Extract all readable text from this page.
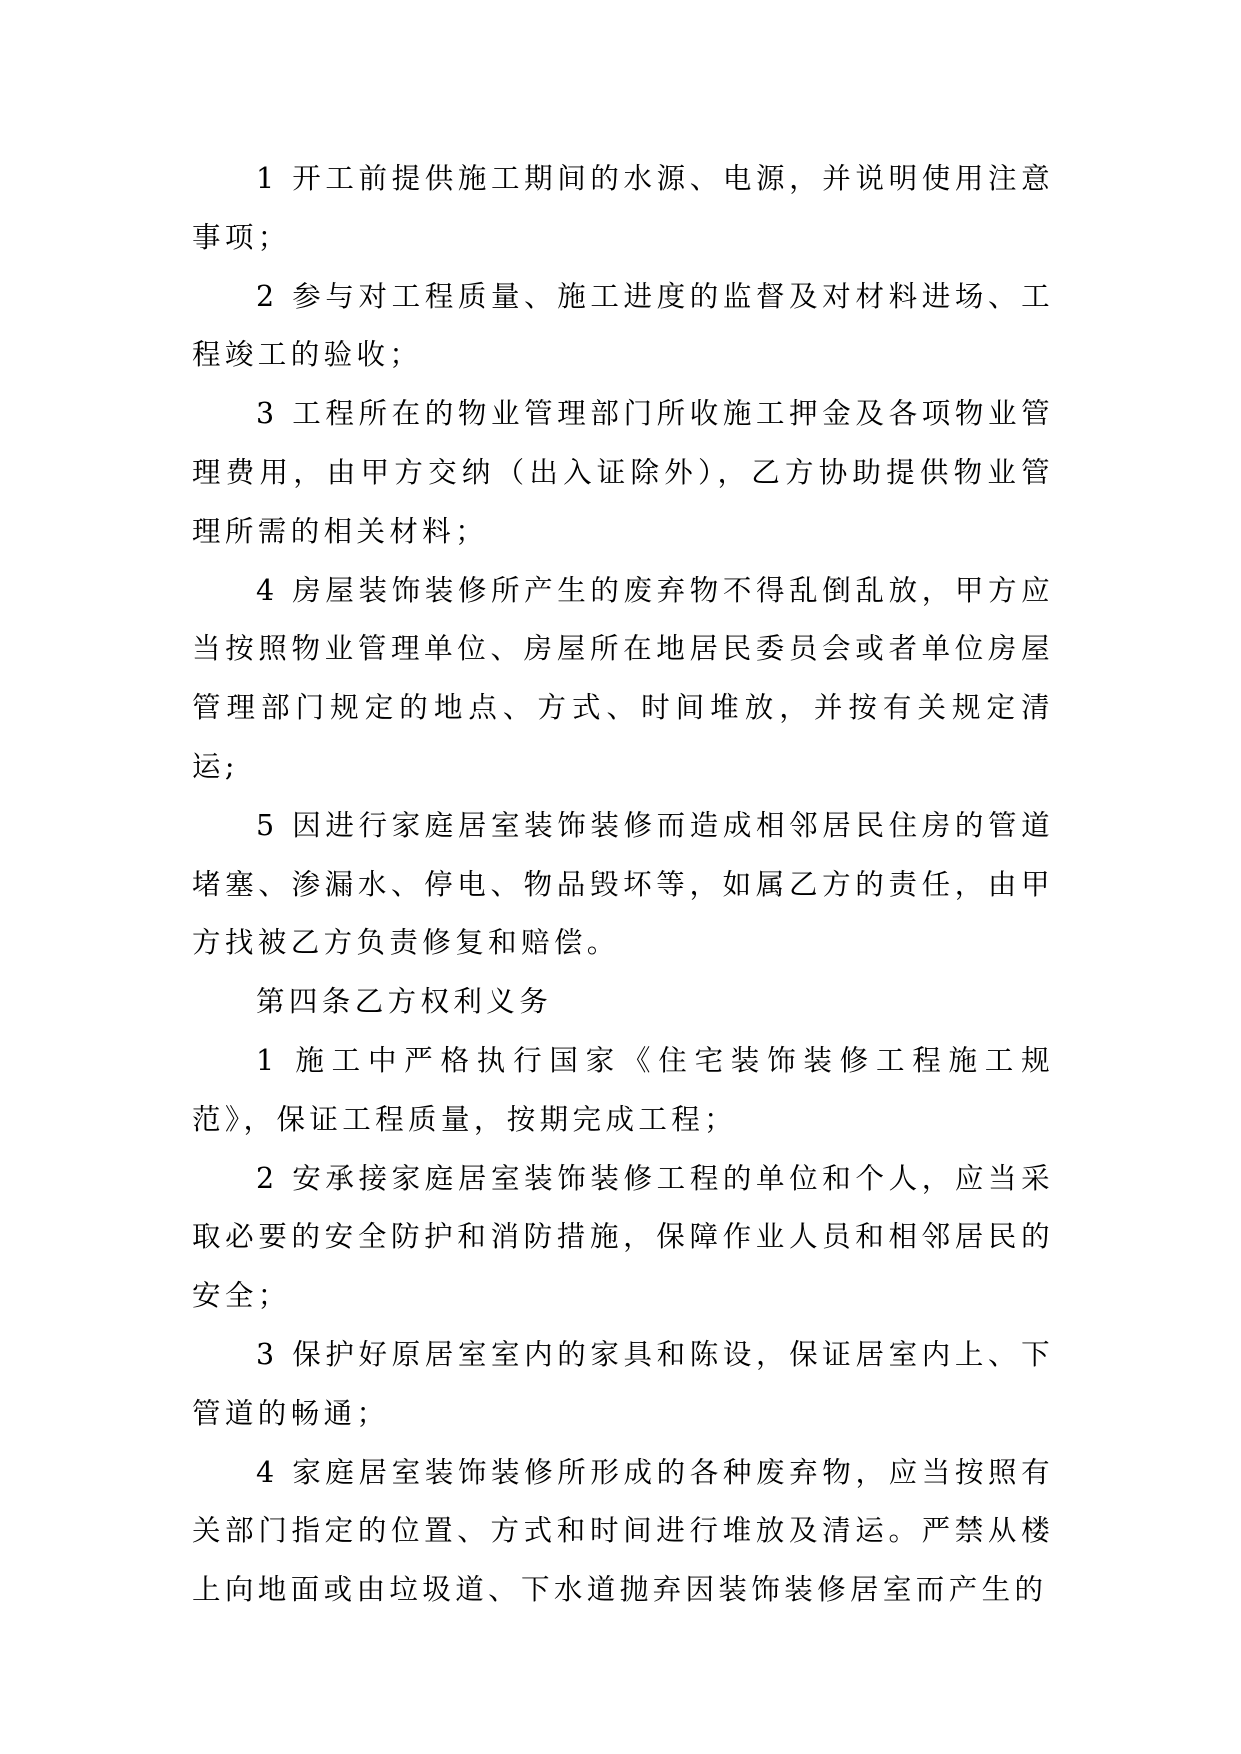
1 开工前提供施工期间的水源、电源，并说明使用注意事项；

2 参与对工程质量、施工进度的监督及对材料进场、工程竣工的验收；

3 工程所在的物业管理部门所收施工押金及各项物业管理费用，由甲方交纳（出入证除外），乙方协助提供物业管理所需的相关材料；

4 房屋装饰装修所产生的废弃物不得乱倒乱放，甲方应当按照物业管理单位、房屋所在地居民委员会或者单位房屋管理部门规定的地点、方式、时间堆放，并按有关规定清运;

5 因进行家庭居室装饰装修而造成相邻居民住房的管道堵塞、渗漏水、停电、物品毁坏等，如属乙方的责任，由甲方找被乙方负责修复和赔偿。

第四条乙方权利义务

1 施工中严格执行国家《住宅装饰装修工程施工规范》，保证工程质量，按期完成工程；

2 安承接家庭居室装饰装修工程的单位和个人，应当采取必要的安全防护和消防措施，保障作业人员和相邻居民的安全；

3 保护好原居室室内的家具和陈设，保证居室内上、下管道的畅通；

4 家庭居室装饰装修所形成的各种废弃物，应当按照有关部门指定的位置、方式和时间进行堆放及清运。严禁从楼上向地面或由垃圾道、下水道抛弃因装饰装修居室而产生的
